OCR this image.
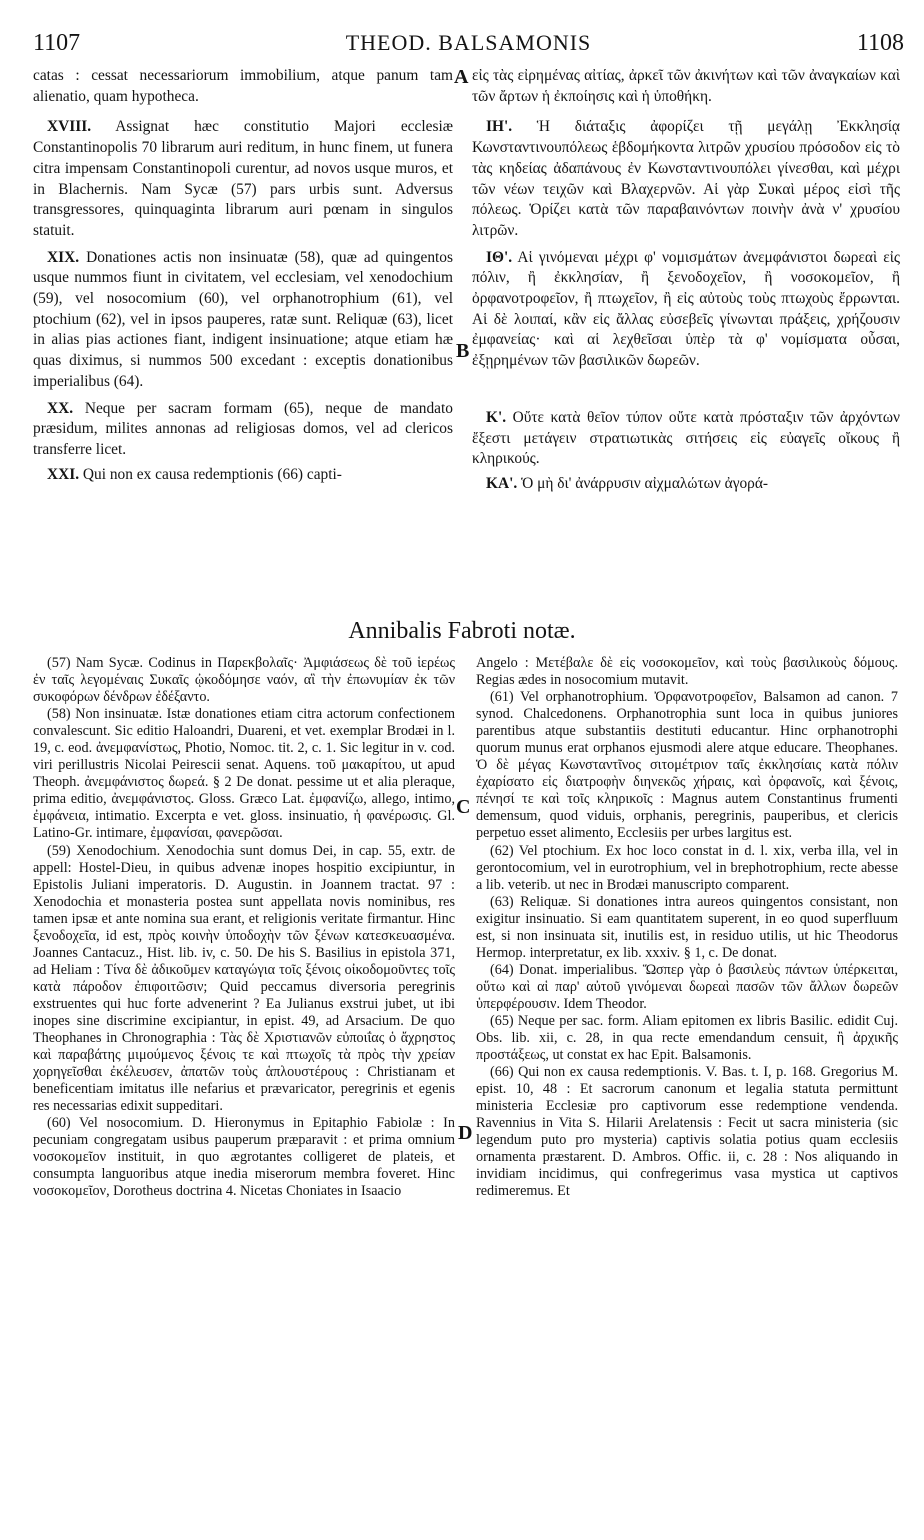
1107	THEOD. BALSAMONIS	1108
A
B
C
D

catas : cessat necessariorum immobilium, atque panum tam alienatio, quam hypotheca.

XVIII. Assignat hæc constitutio Majori ecclesiæ Constantinopolis 70 librarum auri reditum, in hunc finem, ut funera citra impensam Constantinopoli curentur, ad novos usque muros, et in Blachernis. Nam Sycæ (57) pars urbis sunt. Adversus transgressores, quinquaginta librarum auri pœnam in singulos statuit.

XIX. Donationes actis non insinuatæ (58), quæ ad quingentos usque nummos fiunt in civitatem, vel ecclesiam, vel xenodochium (59), vel nosocomium (60), vel orphanotrophium (61), vel ptochium (62), vel in ipsos pauperes, ratæ sunt. Reliquæ (63), licet in alias pias actiones fiant, indigent insinuatione; atque etiam hæ quas diximus, si nummos 500 excedant : exceptis donationibus imperialibus (64).

XX. Neque per sacram formam (65), neque de mandato præsidum, milites annonas ad religiosas domos, vel ad clericos transferre licet.

XXI. Qui non ex causa redemptionis (66) capti-

εἰς τὰς εἰρημένας αἰτίας, ἀρκεῖ τῶν ἀκινήτων καὶ τῶν ἀναγκαίων καὶ τῶν ἄρτων ἡ ἐκποίησις καὶ ἡ ὑποθήκη.

ΙΗ'. Ἡ διάταξις ἀφορίζει τῇ μεγάλῃ Ἐκκλησίᾳ Κωνσταντινουπόλεως ἑβδομήκοντα λιτρῶν χρυσίου πρόσοδον εἰς τὸ τὰς κηδείας ἀδαπάνους ἐν Κωνσταντινουπόλει γίνεσθαι, καὶ μέχρι τῶν νέων τειχῶν καὶ Βλαχερνῶν. Αἱ γὰρ Συκαὶ μέρος εἰσὶ τῆς πόλεως. Ὁρίζει κατὰ τῶν παραβαινόντων ποινὴν ἀνὰ ν' χρυσίου λιτρῶν.

ΙΘ'. Αἱ γινόμεναι μέχρι φ' νομισμάτων ἀνεμφάνιστοι δωρεαὶ εἰς πόλιν, ἢ ἐκκλησίαν, ἢ ξενοδοχεῖον, ἢ νοσοκομεῖον, ἢ ὀρφανοτροφεῖον, ἢ πτωχεῖον, ἢ εἰς αὐτοὺς τοὺς πτωχοὺς ἔρρωνται. Αἱ δὲ λοιπαί, κἂν εἰς ἄλλας εὐσεβεῖς γίνωνται πράξεις, χρήζουσιν ἐμφανείας· καὶ αἱ λεχθεῖσαι ὑπὲρ τὰ φ' νομίσματα οὖσαι, ἐξῃρημένων τῶν βασιλικῶν δωρεῶν.

Κ'. Οὔτε κατὰ θεῖον τύπον οὔτε κατὰ πρόσταξιν τῶν ἀρχόντων ἔξεστι μετάγειν στρατιωτικὰς σιτήσεις εἰς εὐαγεῖς οἴκους ἢ κληρικούς.

ΚΑ'. Ὁ μὴ δι' ἀνάρρυσιν αἰχμαλώτων ἀγορά-

Annibalis Fabroti notæ.

(57) Nam Sycæ. Codinus in Παρεκβολαῖς· Ἀμφιάσεως δὲ τοῦ ἱερέως ἐν ταῖς λεγομέναις Συκαῖς ᾠκοδόμησε ναόν, αἳ τὴν ἐπωνυμίαν ἐκ τῶν συκοφόρων δένδρων ἐδέξαντο.

(58) Non insinuatæ. Istæ donationes etiam citra actorum confectionem convalescunt. Sic editio Haloandri, Duareni, et vet. exemplar Brodæi in l. 19, c. eod. ἀνεμφανίστως, Photio, Nomoc. tit. 2, c. 1. Sic legitur in v. cod. viri perillustris Nicolai Peirescii senat. Aquens. τοῦ μακαρίτου, ut apud Theoph. ἀνεμφάνιστος δωρεά. § 2 De donat. pessime ut et alia pleraque, prima editio, ἀνεμφάνιστος. Gloss. Græco Lat. ἐμφανίζω, allego, intimo, ἐμφάνεια, intimatio. Excerpta e vet. gloss. insinuatio, ἡ φανέρωσις. Gl. Latino-Gr. intimare, ἐμφανίσαι, φανερῶσαι.

(59) Xenodochium. Xenodochia sunt domus Dei, in cap. 55, extr. de appell: Hostel-Dieu, in quibus advenæ inopes hospitio excipiuntur, in Epistolis Juliani imperatoris. D. Augustin. in Joannem tractat. 97 : Xenodochia et monasteria postea sunt appellata novis nominibus, res tamen ipsæ et ante nomina sua erant, et religionis veritate firmantur. Hinc ξενοδοχεῖα, id est, πρὸς κοινὴν ὑποδοχὴν τῶν ξένων κατεσκευασμένα. Joannes Cantacuz., Hist. lib. iv, c. 50. De his S. Basilius in epistola 371, ad Heliam : Τίνα δὲ ἀδικοῦμεν καταγώγια τοῖς ξένοις οἰκοδομοῦντες τοῖς κατὰ πάροδον ἐπιφοιτῶσιν; Quid peccamus diversoria peregrinis exstruentes qui huc forte advenerint ? Ea Julianus exstrui jubet, ut ibi inopes sine discrimine excipiantur, in epist. 49, ad Arsacium. De quo Theophanes in Chronographia : Τὰς δὲ Χριστιανῶν εὐποιΐας ὁ ἄχρηστος καὶ παραβάτης μιμούμενος ξένοις τε καὶ πτωχοῖς τὰ πρὸς τὴν χρείαν χορηγεῖσθαι ἐκέλευσεν, ἀπατῶν τοὺς ἁπλουστέρους : Christianam et beneficentiam imitatus ille nefarius et prævaricator, peregrinis et egenis res necessarias edixit suppeditari.

(60) Vel nosocomium. D. Hieronymus in Epitaphio Fabiolæ : In pecuniam congregatam usibus pauperum præparavit : et prima omnium νοσοκομεῖον instituit, in quo ægrotantes colligeret de plateis, et consumpta languoribus atque inedia miserorum membra foveret. Hinc νοσοκομεῖον, Dorotheus doctrina 4. Nicetas Choniates in Isaacio

Angelo : Μετέβαλε δὲ εἰς νοσοκομεῖον, καὶ τοὺς βασιλικοὺς δόμους. Regias ædes in nosocomium mutavit.

(61) Vel orphanotrophium. Ὀρφανοτροφεῖον, Balsamon ad canon. 7 synod. Chalcedonens. Orphanotrophia sunt loca in quibus juniores parentibus atque substantiis destituti educantur. Hinc orphanotrophi quorum munus erat orphanos ejusmodi alere atque educare. Theophanes. Ὁ δὲ μέγας Κωνσταντῖνος σιτομέτριον ταῖς ἐκκλησίαις κατὰ πόλιν ἐχαρίσατο εἰς διατροφὴν διηνεκῶς χήραις, καὶ ὀρφανοῖς, καὶ ξένοις, πένησί τε καὶ τοῖς κληρικοῖς : Magnus autem Constantinus frumenti demensum, quod viduis, orphanis, peregrinis, pauperibus, et clericis perpetuo esset alimento, Ecclesiis per urbes largitus est.

(62) Vel ptochium. Ex hoc loco constat in d. l. xix, verba illa, vel in gerontocomium, vel in eurotrophium, vel in brephotrophium, recte abesse a lib. veterib. ut nec in Brodæi manuscripto comparent.

(63) Reliquæ. Si donationes intra aureos quingentos consistant, non exigitur insinuatio. Si eam quantitatem superent, in eo quod superfluum est, si non insinuata sit, inutilis est, in residuo utilis, ut hic Theodorus Hermop. interpretatur, ex lib. xxxiv. § 1, c. De donat.

(64) Donat. imperialibus. Ὥσπερ γὰρ ὁ βασιλεὺς πάντων ὑπέρκειται, οὕτω καὶ αἱ παρ' αὐτοῦ γινόμεναι δωρεαὶ πασῶν τῶν ἄλλων δωρεῶν ὑπερφέρουσιν. Idem Theodor.

(65) Neque per sac. form. Aliam epitomen ex libris Basilic. edidit Cuj. Obs. lib. xii, c. 28, in qua recte emendandum censuit, ἢ ἀρχικῆς προστάξεως, ut constat ex hac Epit. Balsamonis.

(66) Qui non ex causa redemptionis. V. Bas. t. I, p. 168. Gregorius M. epist. 10, 48 : Et sacrorum canonum et legalia statuta permittunt ministeria Ecclesiæ pro captivorum esse redemptione vendenda. Ravennius in Vita S. Hilarii Arelatensis : Fecit ut sacra ministeria (sic legendum puto pro mysteria) captivis solatia potius quam ecclesiis ornamenta præstarent. D. Ambros. Offic. ii, c. 28 : Nos aliquando in invidiam incidimus, qui confregerimus vasa mystica ut captivos redimeremus. Et
